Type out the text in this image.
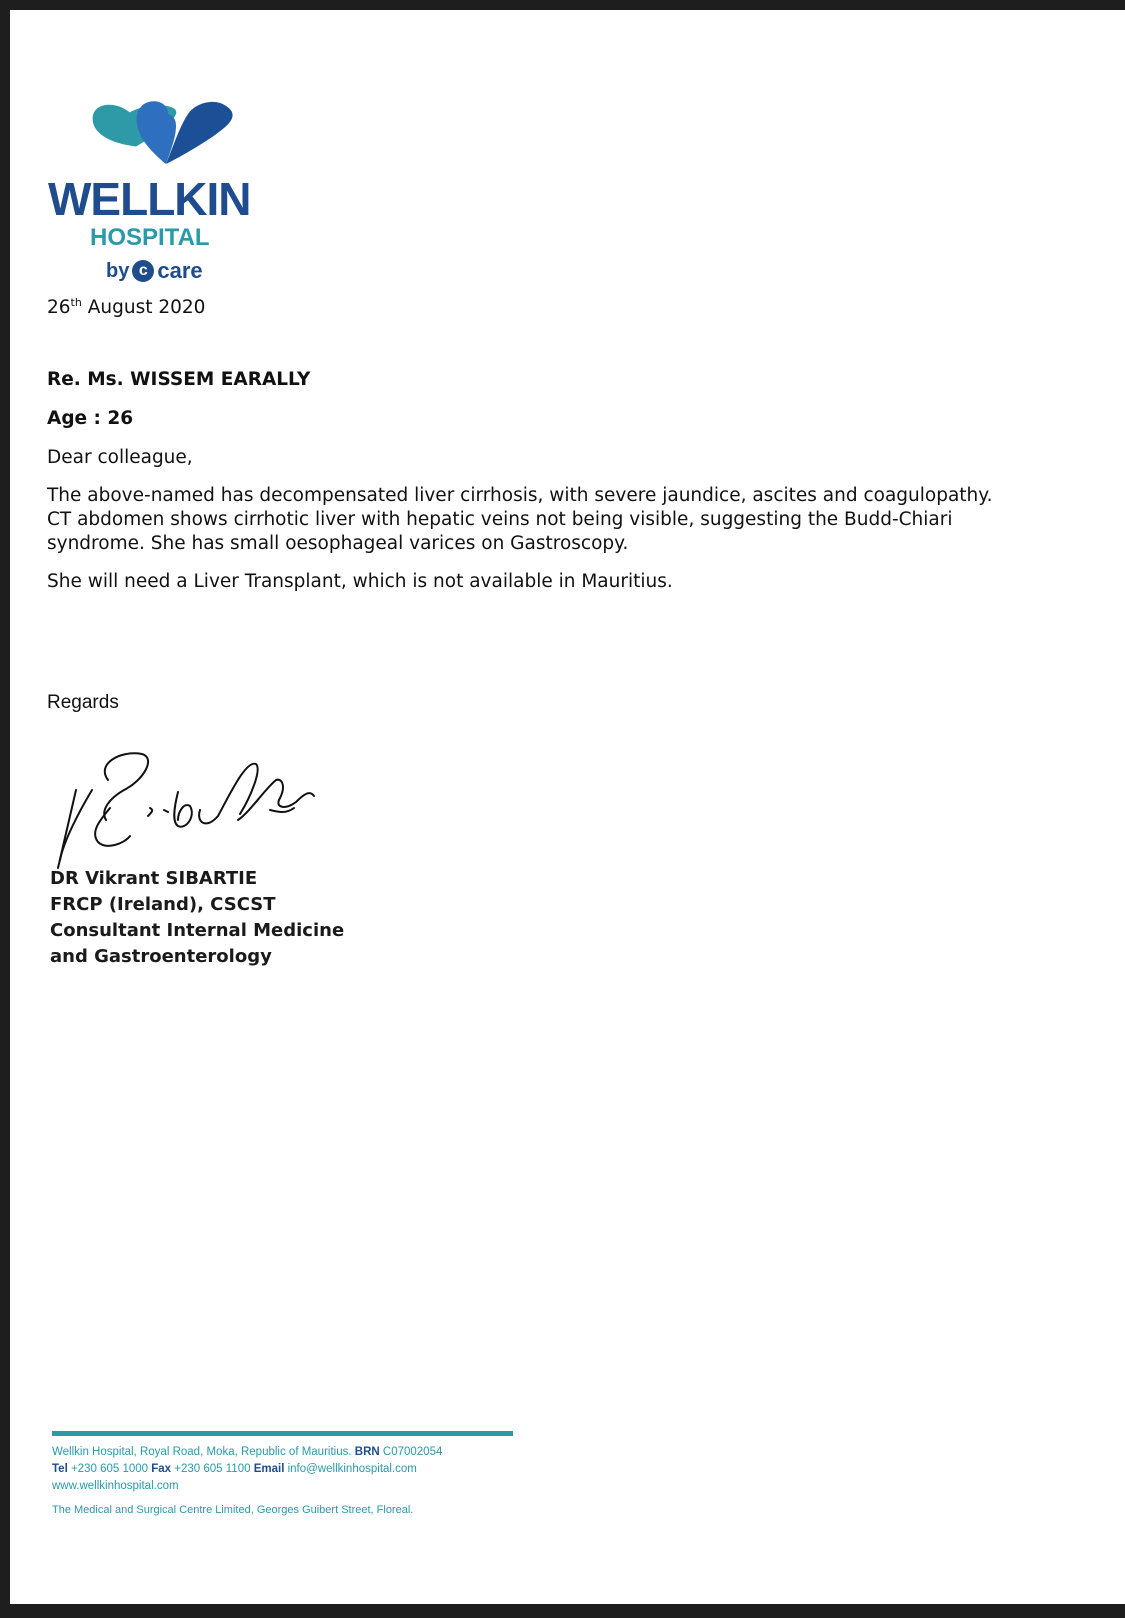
WELLKIN
HOSPITAL
by c care
26th August 2020
Re. Ms. WISSEM EARALLY
Age : 26
Dear colleague,
The above-named has decompensated liver cirrhosis, with severe jaundice, ascites and coagulopathy. CT abdomen shows cirrhotic liver with hepatic veins not being visible, suggesting the Budd-Chiari syndrome. She has small oesophageal varices on Gastroscopy.
She will need a Liver Transplant, which is not available in Mauritius.
Regards
DR Vikrant SIBARTIE
FRCP (Ireland), CSCST
Consultant Internal Medicine
and Gastroenterology
Wellkin Hospital, Royal Road, Moka, Republic of Mauritius. BRN C07002054
Tel +230 605 1000 Fax +230 605 1100 Email info@wellkinhospital.com
www.wellkinhospital.com
The Medical and Surgical Centre Limited, Georges Guibert Street, Floreal.
